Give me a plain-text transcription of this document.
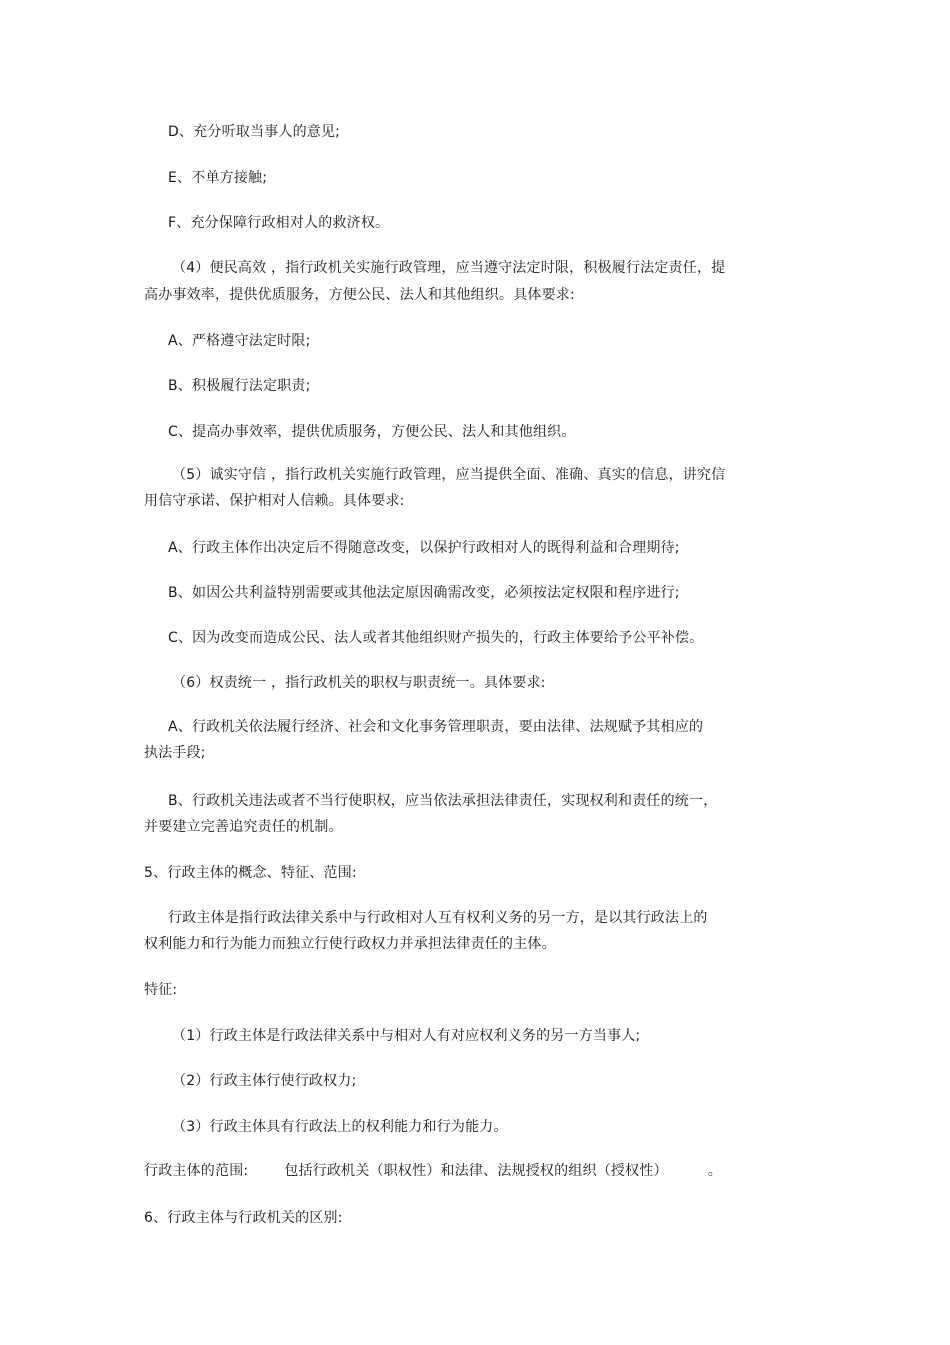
D、充分听取当事人的意见;
E、不单方接触;
F、充分保障行政相对人的救济权。
（4）便民高效 ，指行政机关实施行政管理，应当遵守法定时限，积极履行法定责任，提
高办事效率，提供优质服务，方便公民、法人和其他组织。具体要求:
A、严格遵守法定时限;
B、积极履行法定职责;
C、提高办事效率，提供优质服务，方便公民、法人和其他组织。
（5）诚实守信 ，指行政机关实施行政管理，应当提供全面、准确、真实的信息，讲究信
用信守承诺、保护相对人信赖。具体要求:
A、行政主体作出决定后不得随意改变，以保护行政相对人的既得利益和合理期待;
B、如因公共利益特别需要或其他法定原因确需改变，必须按法定权限和程序进行;
C、因为改变而造成公民、法人或者其他组织财产损失的，行政主体要给予公平补偿。
（6）权责统一 ，指行政机关的职权与职责统一。具体要求:
A、行政机关依法履行经济、社会和文化事务管理职责，要由法律、法规赋予其相应的
执法手段;
B、行政机关违法或者不当行使职权，应当依法承担法律责任，实现权利和责任的统一，
并要建立完善追究责任的机制。
5、行政主体的概念、特征、范围:
行政主体是指行政法律关系中与行政相对人互有权利义务的另一方，是以其行政法上的
权利能力和行为能力而独立行使行政权力并承担法律责任的主体。
特征:
（1）行政主体是行政法律关系中与相对人有对应权利义务的另一方当事人;
（2）行政主体行使行政权力;
（3）行政主体具有行政法上的权利能力和行为能力。
行政主体的范围:	包括行政机关（职权性）和法律、法规授权的组织（授权性）	。
6、行政主体与行政机关的区别:
